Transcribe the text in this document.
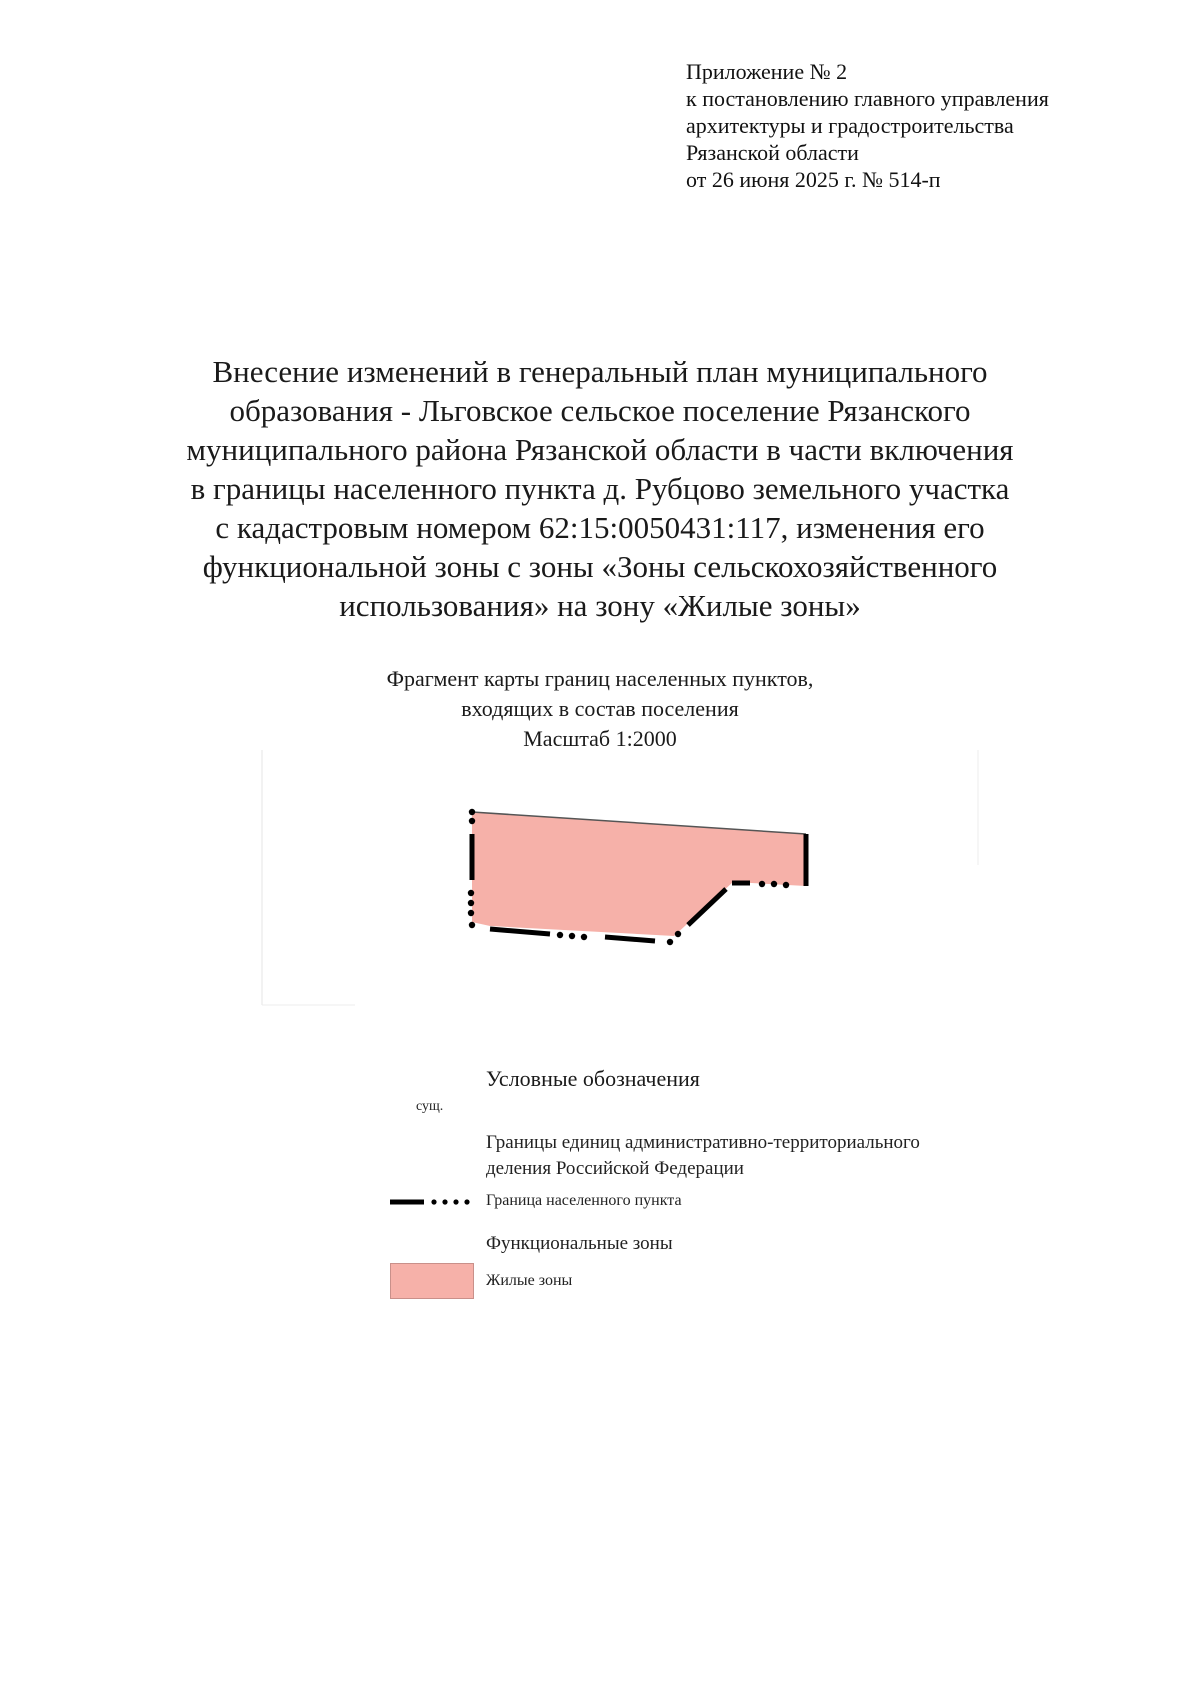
Приложение № 2
к постановлению главного управления
архитектуры и градостроительства
Рязанской области
от 26 июня 2025 г. № 514-п
Внесение изменений в генеральный план муниципального
образования - Льговское сельское поселение Рязанского
муниципального района Рязанской области в части включения
в границы населенного пункта д. Рубцово земельного участка
с кадастровым номером 62:15:0050431:117, изменения его
функциональной зоны с зоны «Зоны сельскохозяйственного
использования» на зону «Жилые зоны»
Фрагмент карты границ населенных пунктов,
входящих в состав поселения
Масштаб 1:2000
Условные обозначения
сущ.
Границы единиц административно-территориального
деления Российской Федерации
Граница населенного пункта
Функциональные зоны
Жилые зоны
